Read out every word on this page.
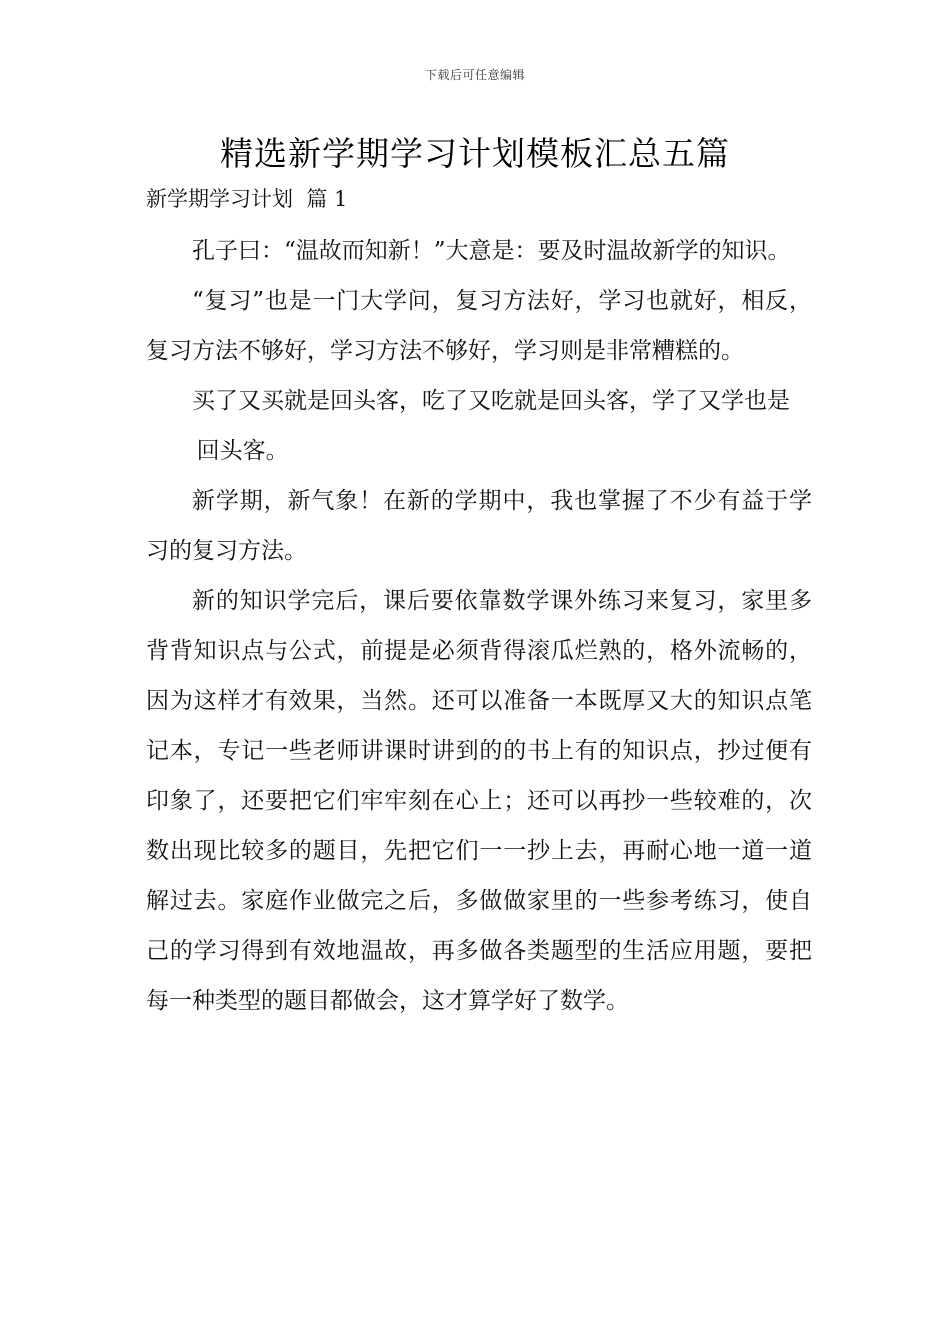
下载后可任意编辑
精选新学期学习计划模板汇总五篇
新学期学习计划  篇 1

孔子曰：“温故而知新！”大意是：要及时温故新学的知识。

“复习”也是一门大学问，复习方法好，学习也就好，相反，复习方法不够好，学习方法不够好，学习则是非常糟糕的。

买了又买就是回头客，吃了又吃就是回头客，学了又学也是

回头客。

新学期，新气象！在新的学期中，我也掌握了不少有益于学习的复习方法。

新的知识学完后，课后要依靠数学课外练习来复习，家里多背背知识点与公式，前提是必须背得滚瓜烂熟的，格外流畅的，因为这样才有效果，当然。还可以准备一本既厚又大的知识点笔记本，专记一些老师讲课时讲到的的书上有的知识点，抄过便有印象了，还要把它们牢牢刻在心上；还可以再抄一些较难的，次数出现比较多的题目，先把它们一一抄上去，再耐心地一道一道解过去。家庭作业做完之后，多做做家里的一些参考练习，使自己的学习得到有效地温故，再多做各类题型的生活应用题，要把每一种类型的题目都做会，这才算学好了数学。
